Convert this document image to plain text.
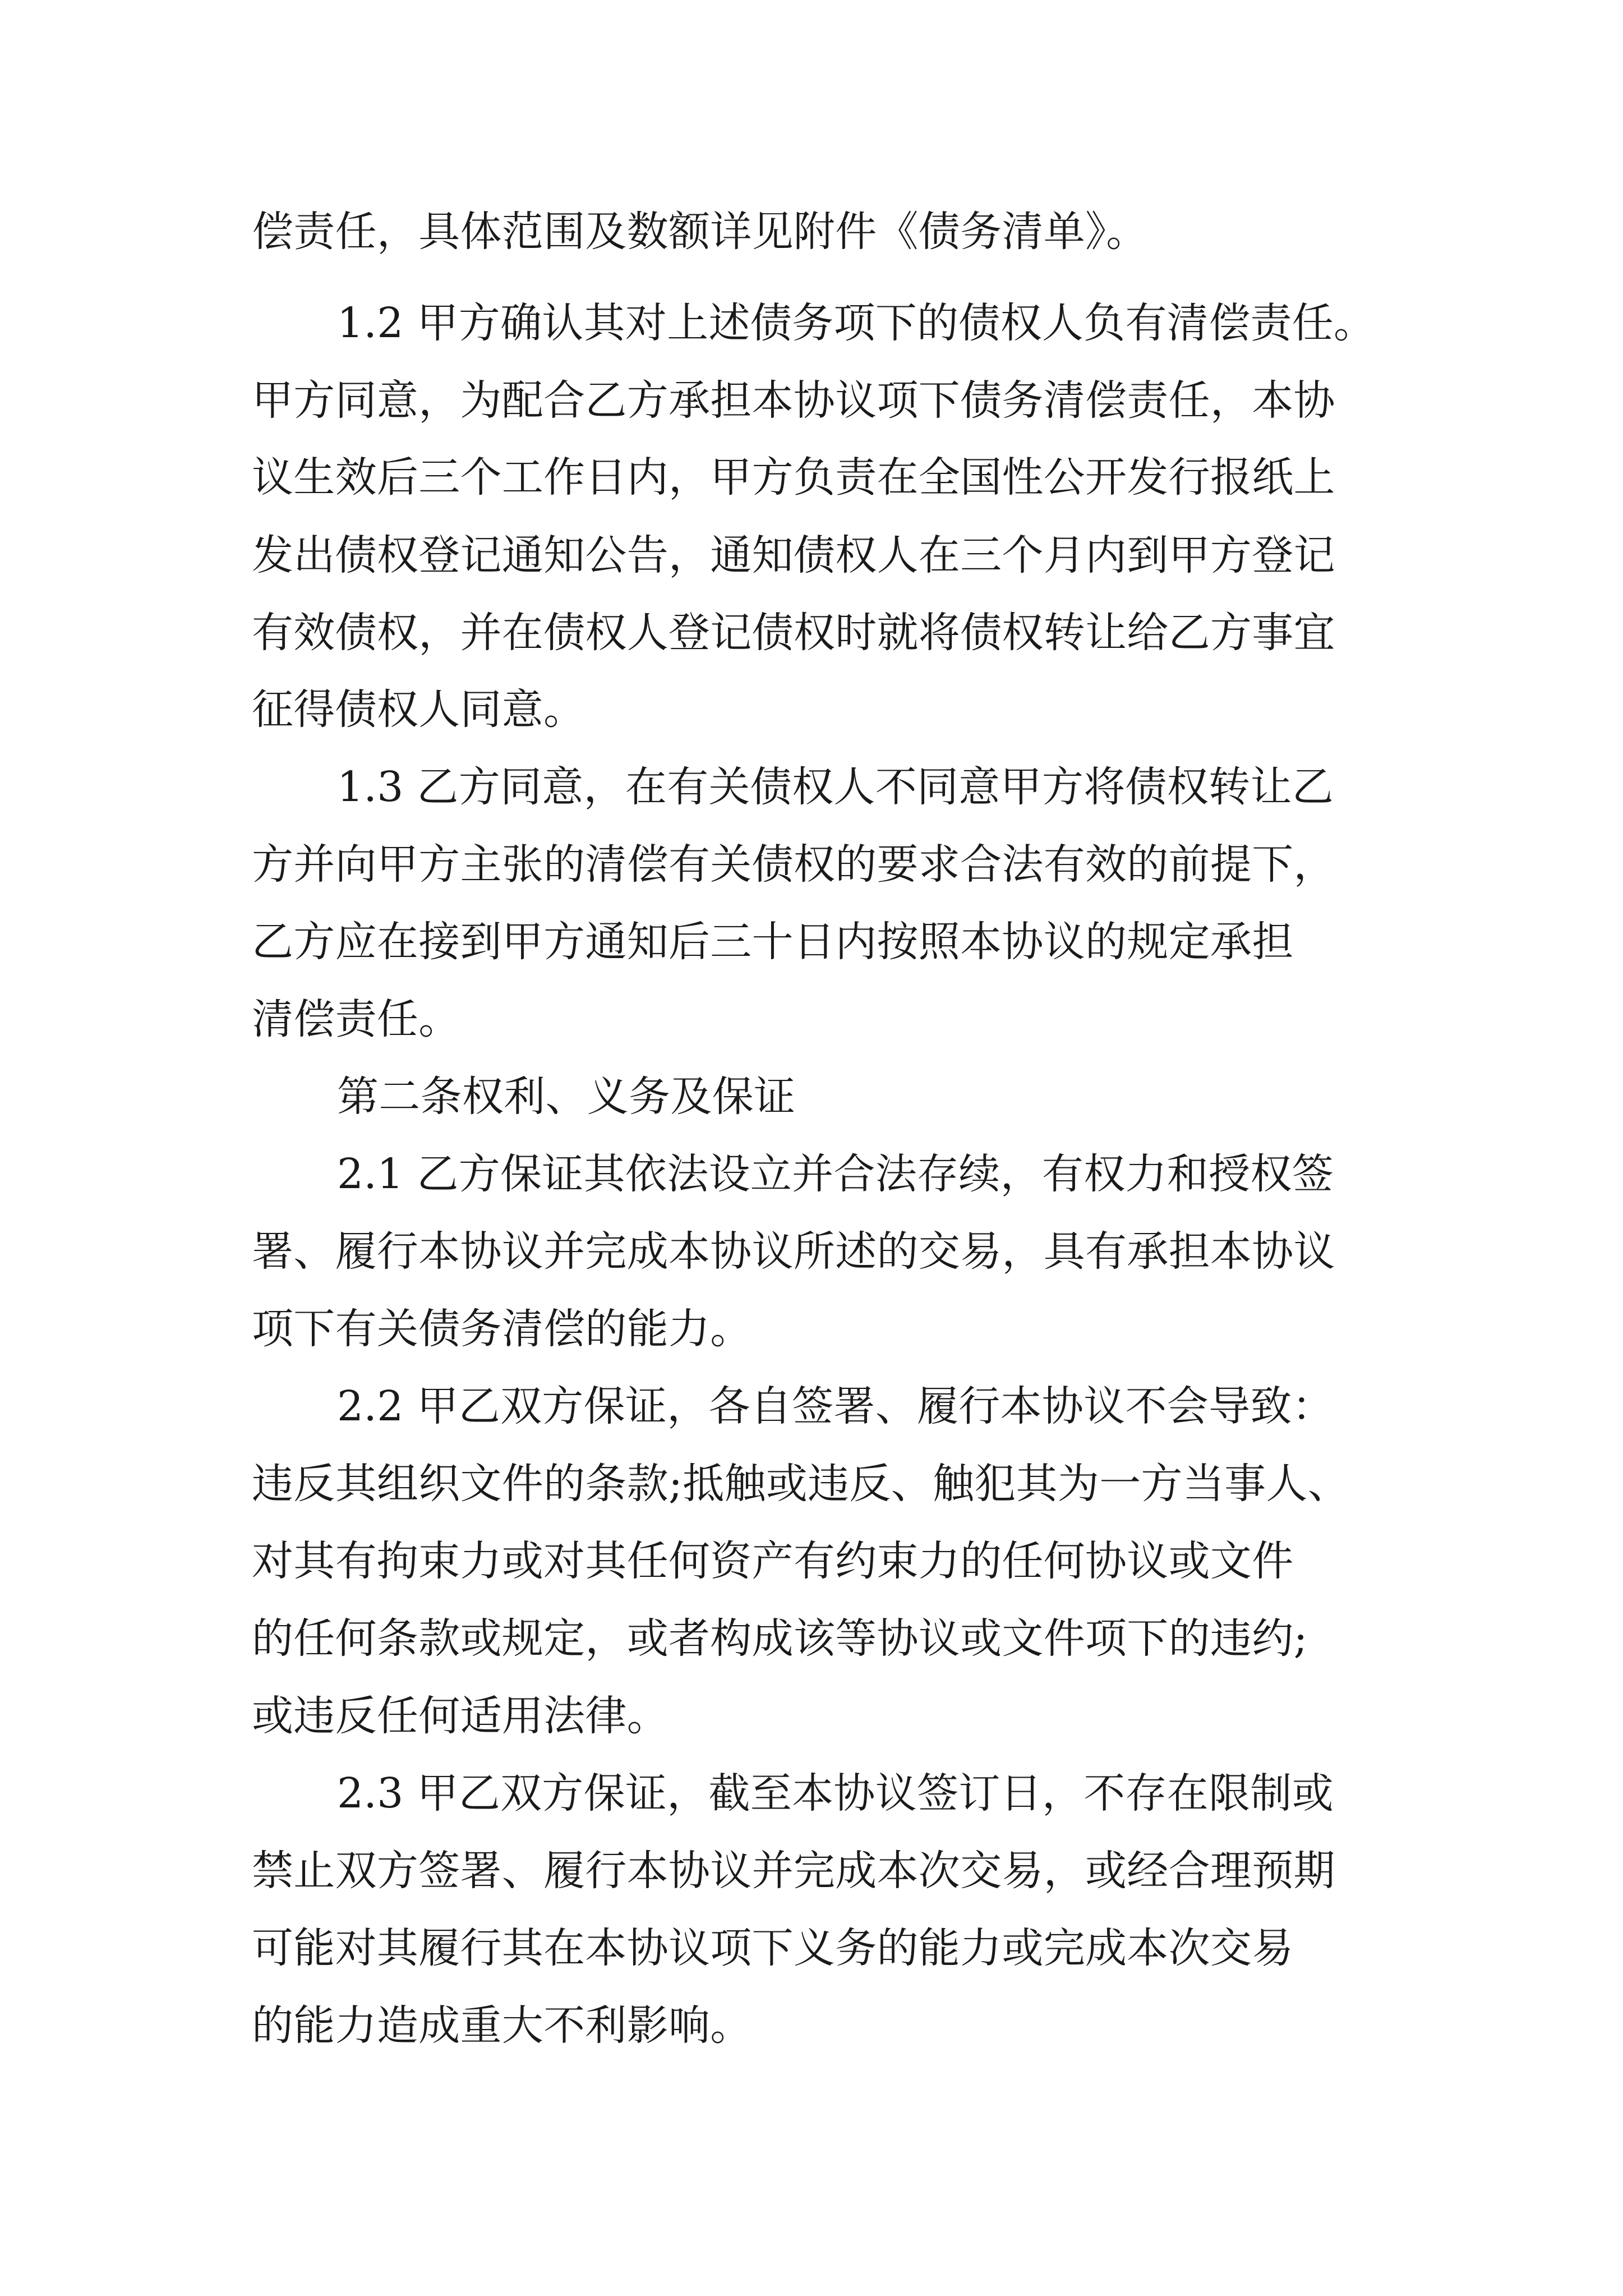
偿责任，具体范围及数额详见附件《债务清单》。
1.2 甲方确认其对上述债务项下的债权人负有清偿责任。
甲方同意，为配合乙方承担本协议项下债务清偿责任，本协
议生效后三个工作日内，甲方负责在全国性公开发行报纸上
发出债权登记通知公告，通知债权人在三个月内到甲方登记
有效债权，并在债权人登记债权时就将债权转让给乙方事宜
征得债权人同意。
1.3 乙方同意，在有关债权人不同意甲方将债权转让乙
方并向甲方主张的清偿有关债权的要求合法有效的前提下，
乙方应在接到甲方通知后三十日内按照本协议的规定承担
清偿责任。
第二条权利、义务及保证
2.1 乙方保证其依法设立并合法存续，有权力和授权签
署、履行本协议并完成本协议所述的交易，具有承担本协议
项下有关债务清偿的能力。
2.2 甲乙双方保证，各自签署、履行本协议不会导致：
违反其组织文件的条款;抵触或违反、触犯其为一方当事人、
对其有拘束力或对其任何资产有约束力的任何协议或文件
的任何条款或规定，或者构成该等协议或文件项下的违约;
或违反任何适用法律。
2.3 甲乙双方保证，截至本协议签订日，不存在限制或
禁止双方签署、履行本协议并完成本次交易，或经合理预期
可能对其履行其在本协议项下义务的能力或完成本次交易
的能力造成重大不利影响。
